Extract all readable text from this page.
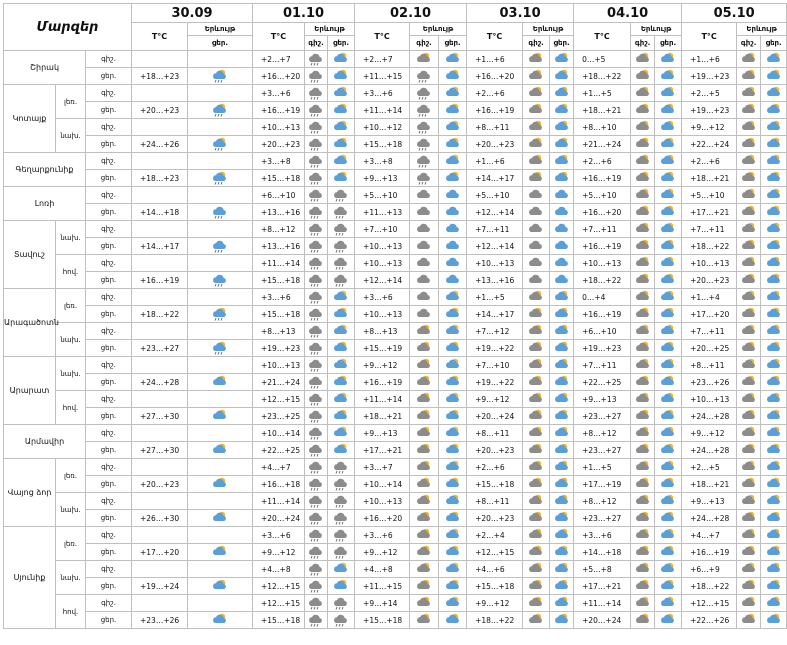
Մարզեր			30.09		01.10			02.10			03.10			04.10			05.10		
			T°C	Երևույթ	T°C	Երևույթ		T°C	Երևույթ		T°C	Երևույթ		T°C	Երևույթ		T°C	Երևույթ	
				ցեր.		գիշ.	ցեր.		գիշ.	ցեր.		գիշ.	ցեր.		գիշ.	ցեր.		գիշ.	ցեր.
Շիրակ		գիշ.			+2…+7			+2…+7			+1…+6			0…+5			+1…+6	

		ցեր.	+18…+23		+16…+20			+11…+15			+16…+20			+18…+22			+19…+23	

Կոտայք	լեռ.	գիշ.			+3…+6			+3…+6			+2…+6			+1…+5			+2…+5	

		ցեր.	+20…+23		+16…+19			+11…+14			+16…+19			+18…+21			+19…+23	

	նախ.	գիշ.			+10…+13			+10…+12			+8…+11			+8…+10			+9…+12	

		ցեր.	+24…+26		+20…+23			+15…+18			+20…+23			+21…+24			+22…+24	

Գեղարքունիք		գիշ.			+3…+8			+3…+8			+1…+6			+2…+6			+2…+6	

		ցեր.	+18…+23		+15…+18			+9…+13			+14…+17			+16…+19			+18…+21	

Լոռի		գիշ.			+6…+10			+5…+10			+5…+10			+5…+10			+5…+10	

		ցեր.	+14…+18		+13…+16			+11…+13			+12…+14			+16…+20			+17…+21	

Տավուշ	նախ.	գիշ.			+8…+12			+7…+10			+7…+11			+7…+11			+7…+11	

		ցեր.	+14…+17		+13…+16			+10…+13			+12…+14			+16…+19			+18…+22	

	հով.	գիշ.			+11…+14			+10…+13			+10…+13			+10…+13			+10…+13	

		ցեր.	+16…+19		+15…+18			+12…+14			+13…+16			+18…+22			+20…+23	

Արագածոտն	լեռ.	գիշ.			+3…+6			+3…+6			+1…+5			0…+4			+1…+4	

		ցեր.	+18…+22		+15…+18			+10…+13			+14…+17			+16…+19			+17…+20	

	նախ.	գիշ.			+8…+13			+8…+13			+7…+12			+6…+10			+7…+11	

		ցեր.	+23…+27		+19…+23			+15…+19			+19…+22			+19…+23			+20…+25	

Արարատ	նախ.	գիշ.			+10…+13			+9…+12			+7…+10			+7…+11			+8…+11	

		ցեր.	+24…+28		+21…+24			+16…+19			+19…+22			+22…+25			+23…+26	

	հով.	գիշ.			+12…+15			+11…+14			+9…+12			+9…+13			+10…+13	

		ցեր.	+27…+30		+23…+25			+18…+21			+20…+24			+23…+27			+24…+28	

Արմավիր		գիշ.			+10…+14			+9…+13			+8…+11			+8…+12			+9…+12	

		ցեր.	+27…+30		+22…+25			+17…+21			+20…+23			+23…+27			+24…+28	

Վայոց ձոր	լեռ.	գիշ.			+4…+7			+3…+7			+2…+6			+1…+5			+2…+5	

		ցեր.	+20…+23		+16…+18			+10…+14			+15…+18			+17…+19			+18…+21	

	նախ.	գիշ.			+11…+14			+10…+13			+8…+11			+8…+12			+9…+13	

		ցեր.	+26…+30		+20…+24			+16…+20			+20…+23			+23…+27			+24…+28	

Սյունիք	լեռ.	գիշ.			+3…+6			+3…+6			+2…+4			+3…+6			+4…+7	

		ցեր.	+17…+20		+9…+12			+9…+12			+12…+15			+14…+18			+16…+19	

	նախ.	գիշ.			+4…+8			+4…+8			+4…+6			+5…+8			+6…+9	

		ցեր.	+19…+24		+12…+15			+11…+15			+15…+18			+17…+21			+18…+22	

	հով.	գիշ.			+12…+15			+9…+14			+9…+12			+11…+14			+12…+15	

		ցեր.	+23…+26		+15…+18			+15…+18			+18…+22			+20…+24			+22…+26	
